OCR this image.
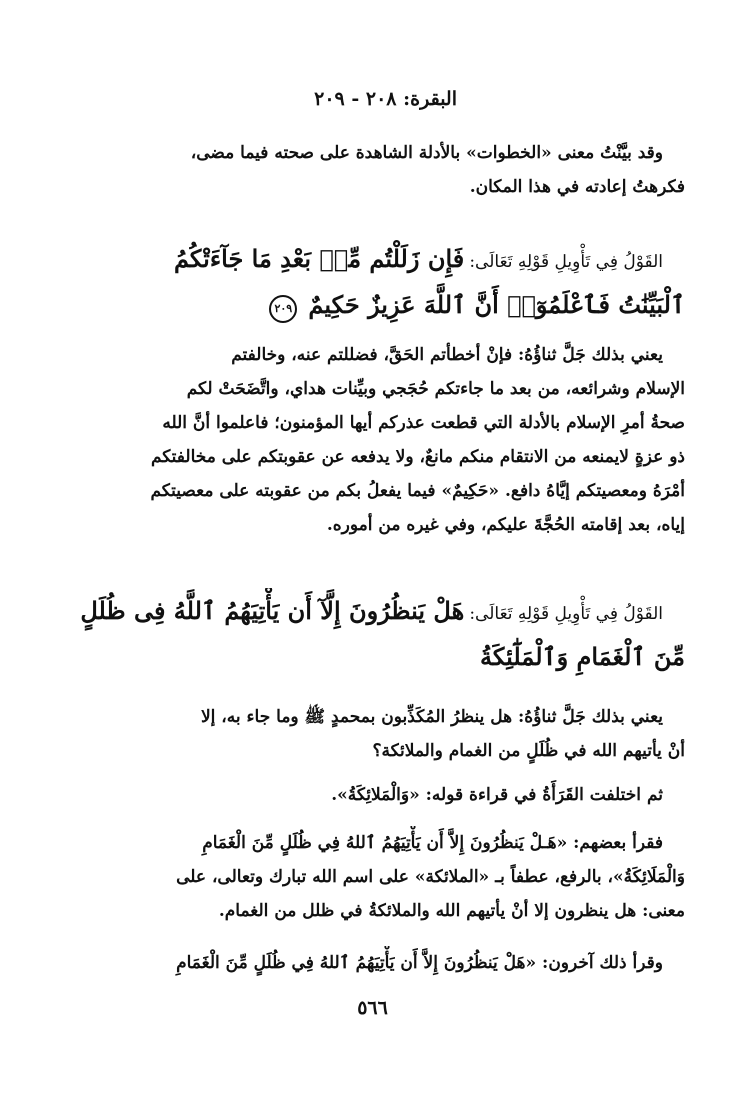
البقرة: ٢٠٨ - ٢٠٩
وقد بيَّنْتُ معنى «الخطوات» بالأدلة الشاهدة على صحته فيما مضى،
فكرهتُ إعادته في هذا المكان.
القَوْلُ فِي تَأْوِيلِ قَوْلِهِ تَعَالَى: فَإِن زَلَلْتُم مِّنۢ بَعْدِ مَا جَآءَتْكُمُ
ٱلْبَيِّنَٰتُ فَٱعْلَمُوٓا۟ أَنَّ ٱللَّهَ عَزِيزٌ حَكِيمٌ ٢٠٩
يعني بذلك جَلَّ ثناؤُهُ: فإنْ أخطأتم الحَقَّ، فضللتم عنه، وخالفتم
الإسلام وشرائعه، من بعد ما جاءتكم حُجَجي وبيِّنات هداي، واتَّضَحَتْ لكم
صحةُ أمرِ الإسلام بالأدلة التي قطعت عذركم أيها المؤمنون؛ فاعلموا أنَّ الله
ذو عزةٍ لايمنعه من الانتقام منكم مانعٌ، ولا يدفعه عن عقوبتكم على مخالفتكم
أمْرَهُ ومعصيتكم إيَّاهُ دافع. «حَكِيمٌ» فيما يفعلُ بكم من عقوبته على معصيتكم
إياه، بعد إقامته الحُجَّةَ عليكم، وفي غيره من أموره.
القَوْلُ فِي تَأْوِيلِ قَوْلِهِ تَعَالَى: هَلْ يَنظُرُونَ إِلَّآ أَن يَأْتِيَهُمُ ٱللَّهُ فِى ظُلَلٍ
مِّنَ ٱلْغَمَامِ وَٱلْمَلَٰٓئِكَةُ
يعني بذلك جَلَّ ثناؤُهُ: هل ينظرُ المُكَذِّبون بمحمدٍ ﷺ وما جاء به، إلا
أنْ يأتيهم الله في ظُلَلٍ من الغمام والملائكة؟
ثم اختلفت القَرَأَةُ في قراءة قوله: «وَالْمَلائِكَةُ».
فقرأ بعضهم: «هَـلْ يَنظُرُونَ إِلاَّ أَن يَأْتِيَهُمُ ٱللهُ فِي ظُلَلٍ مِّنَ الْغَمَامِ
وَالْمَلَائِكَةُ»، بالرفع، عطفاً بـ «الملائكة» على اسم الله تبارك وتعالى، على
معنى: هل ينظرون إلا أنْ يأتيهم الله والملائكةُ في ظلل من الغمام.
وقرأ ذلك آخرون: «هَلْ يَنظُرُونَ إِلاَّ أَن يَأْتِيَهُمُ ٱللهُ فِي ظُلَلٍ مِّنَ الْغَمَامِ
٥٦٦
